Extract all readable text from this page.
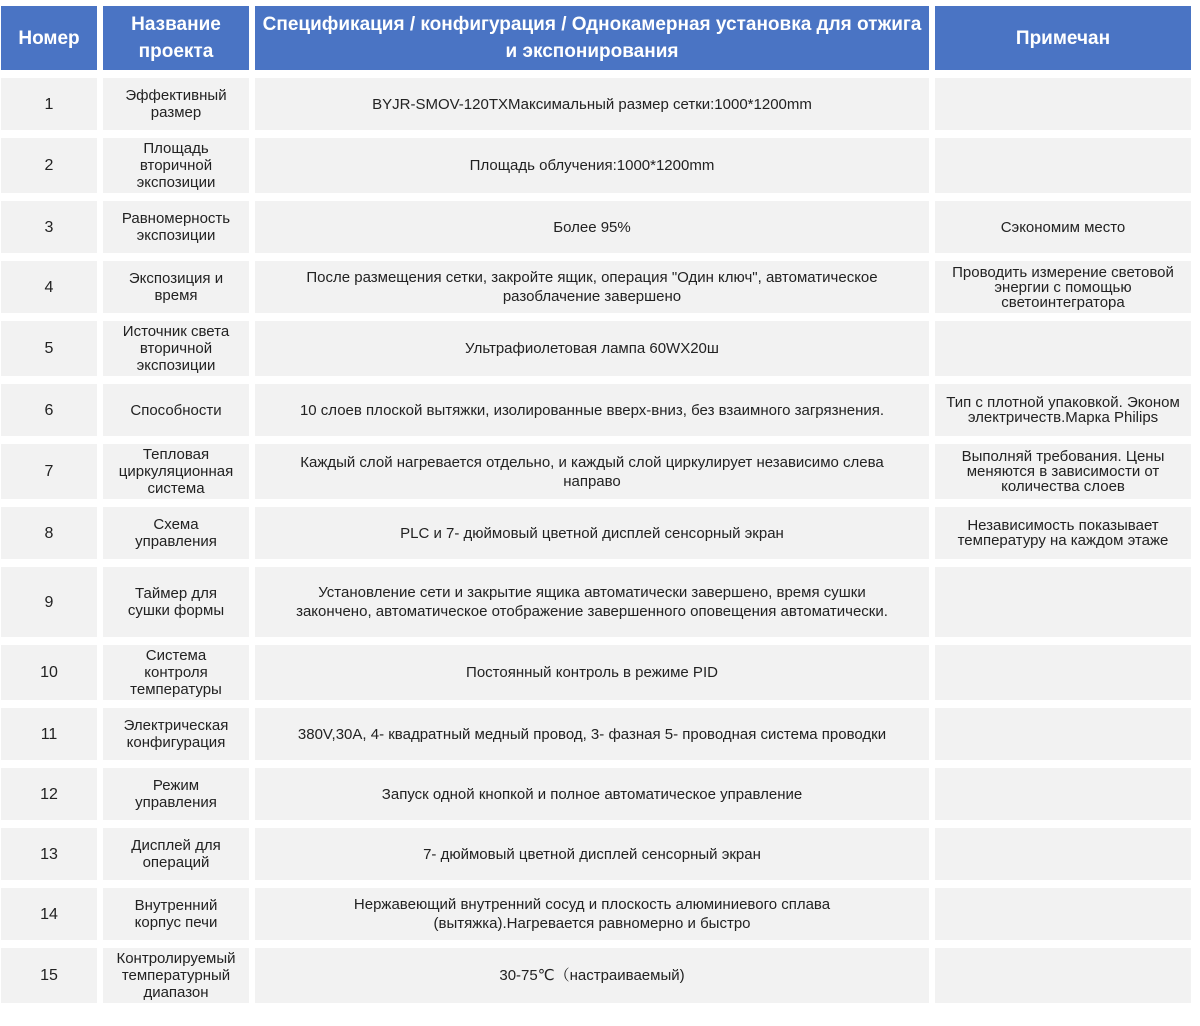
Номер	Название проекта	Спецификация / конфигурация / Однокамерная установка для отжига и экспонирования	Примечан
1	Эффективный размер	BYJR-SMOV-120TXМаксимальный размер сетки:1000*1200mm	
2	Площадь вторичной экспозиции	Площадь облучения:1000*1200mm	
3	Равномерность экспозиции	Более 95%	Сэкономим место
4	Экспозиция и время	После размещения сетки, закройте ящик, операция "Один ключ", автоматическое разоблачение завершено	Проводить измерение световой энергии с помощью светоинтегратора
5	Источник света вторичной экспозиции	Ультрафиолетовая лампа 60WX20ш	
6	Способности	10 слоев плоской вытяжки, изолированные вверх-вниз, без взаимного загрязнения.	Тип с плотной упаковкой. Эконом электричеств.Марка Philips
7	Тепловая циркуляционная система	Каждый слой нагревается отдельно, и каждый слой циркулирует независимо слева направо	Выполняй требования. Цены меняются в зависимости от количества слоев
8	Схема управления	PLC и 7- дюймовый цветной дисплей сенсорный экран	Независимость показывает температуру на каждом этаже
9	Таймер для сушки формы	Установление сети и закрытие ящика автоматически завершено, время сушки закончено, автоматическое отображение завершенного оповещения автоматически.	
10	Система контроля температуры	Постоянный контроль в режиме PID	
11	Электрическая конфигурация	380V,30A, 4- квадратный медный провод, 3- фазная 5- проводная система проводки	
12	Режим управления	Запуск одной кнопкой и полное автоматическое управление	
13	Дисплей для операций	7- дюймовый цветной дисплей сенсорный экран	
14	Внутренний корпус печи	Нержавеющий внутренний сосуд и плоскость алюминиевого сплава (вытяжка).Нагревается равномерно и быстро	
15	Контролируемый температурный диапазон	30-75℃（настраиваемый)	
